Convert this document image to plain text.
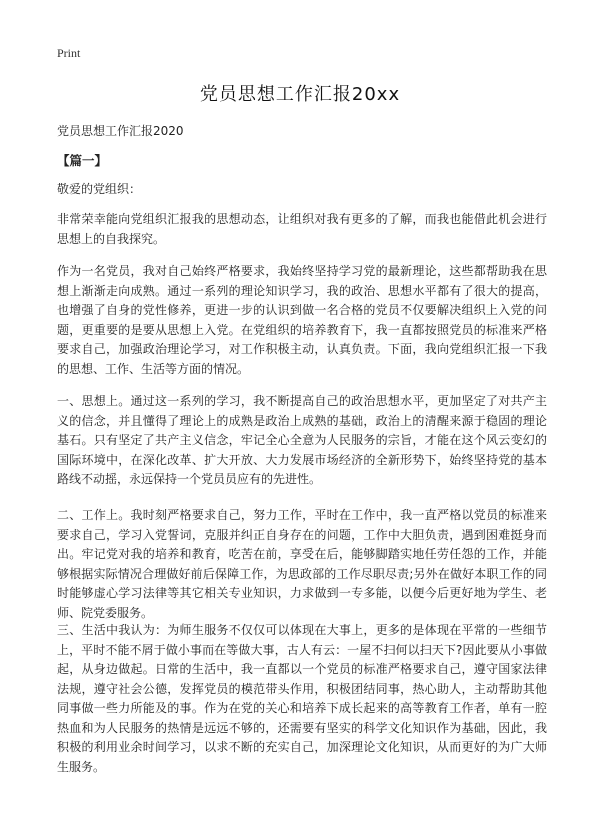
Print
党员思想工作汇报20xx

党员思想工作汇报2020

【篇一】

敬爱的党组织：

非常荣幸能向党组织汇报我的思想动态，让组织对我有更多的了解，而我也能借此机会进行思想上的自我探究。

作为一名党员，我对自己始终严格要求，我始终坚持学习党的最新理论，这些都帮助我在思想上渐渐走向成熟。通过一系列的理论知识学习，我的政治、思想水平都有了很大的提高，也增强了自身的党性修养，更进一步的认识到做一名合格的党员不仅要解决组织上入党的问题，更重要的是要从思想上入党。在党组织的培养教育下，我一直都按照党员的标准来严格要求自己，加强政治理论学习，对工作积极主动，认真负责。下面，我向党组织汇报一下我的思想、工作、生活等方面的情况。

一、思想上。通过这一系列的学习，我不断提高自己的政治思想水平，更加坚定了对共产主义的信念，并且懂得了理论上的成熟是政治上成熟的基础，政治上的清醒来源于稳固的理论基石。只有坚定了共产主义信念，牢记全心全意为人民服务的宗旨，才能在这个风云变幻的国际环境中，在深化改革、扩大开放、大力发展市场经济的全新形势下，始终坚持党的基本路线不动摇，永远保持一个党员员应有的先进性。

二、工作上。我时刻严格要求自己，努力工作，平时在工作中，我一直严格以党员的标准来要求自己，学习入党誓词，克服并纠正自身存在的问题，工作中大胆负责，遇到困难挺身而出。牢记党对我的培养和教育，吃苦在前，享受在后，能够脚踏实地任劳任怨的工作，并能够根据实际情况合理做好前后保障工作，为思政部的工作尽职尽责;另外在做好本职工作的同时能够虚心学习法律等其它相关专业知识，力求做到一专多能，以便今后更好地为学生、老师、院党委服务。

三、生活中我认为：为师生服务不仅仅可以体现在大事上，更多的是体现在平常的一些细节上，平时不能不屑于做小事而在等做大事，古人有云：一屋不扫何以扫天下?因此要从小事做起，从身边做起。日常的生活中，我一直都以一个党员的标准严格要求自己，遵守国家法律法规，遵守社会公德，发挥党员的模范带头作用，积极团结同事，热心助人，主动帮助其他同事做一些力所能及的事。作为在党的关心和培养下成长起来的高等教育工作者，单有一腔热血和为人民服务的热情是远远不够的，还需要有坚实的科学文化知识作为基础，因此，我积极的利用业余时间学习，以求不断的充实自己，加深理论文化知识，从而更好的为广大师生服务。
